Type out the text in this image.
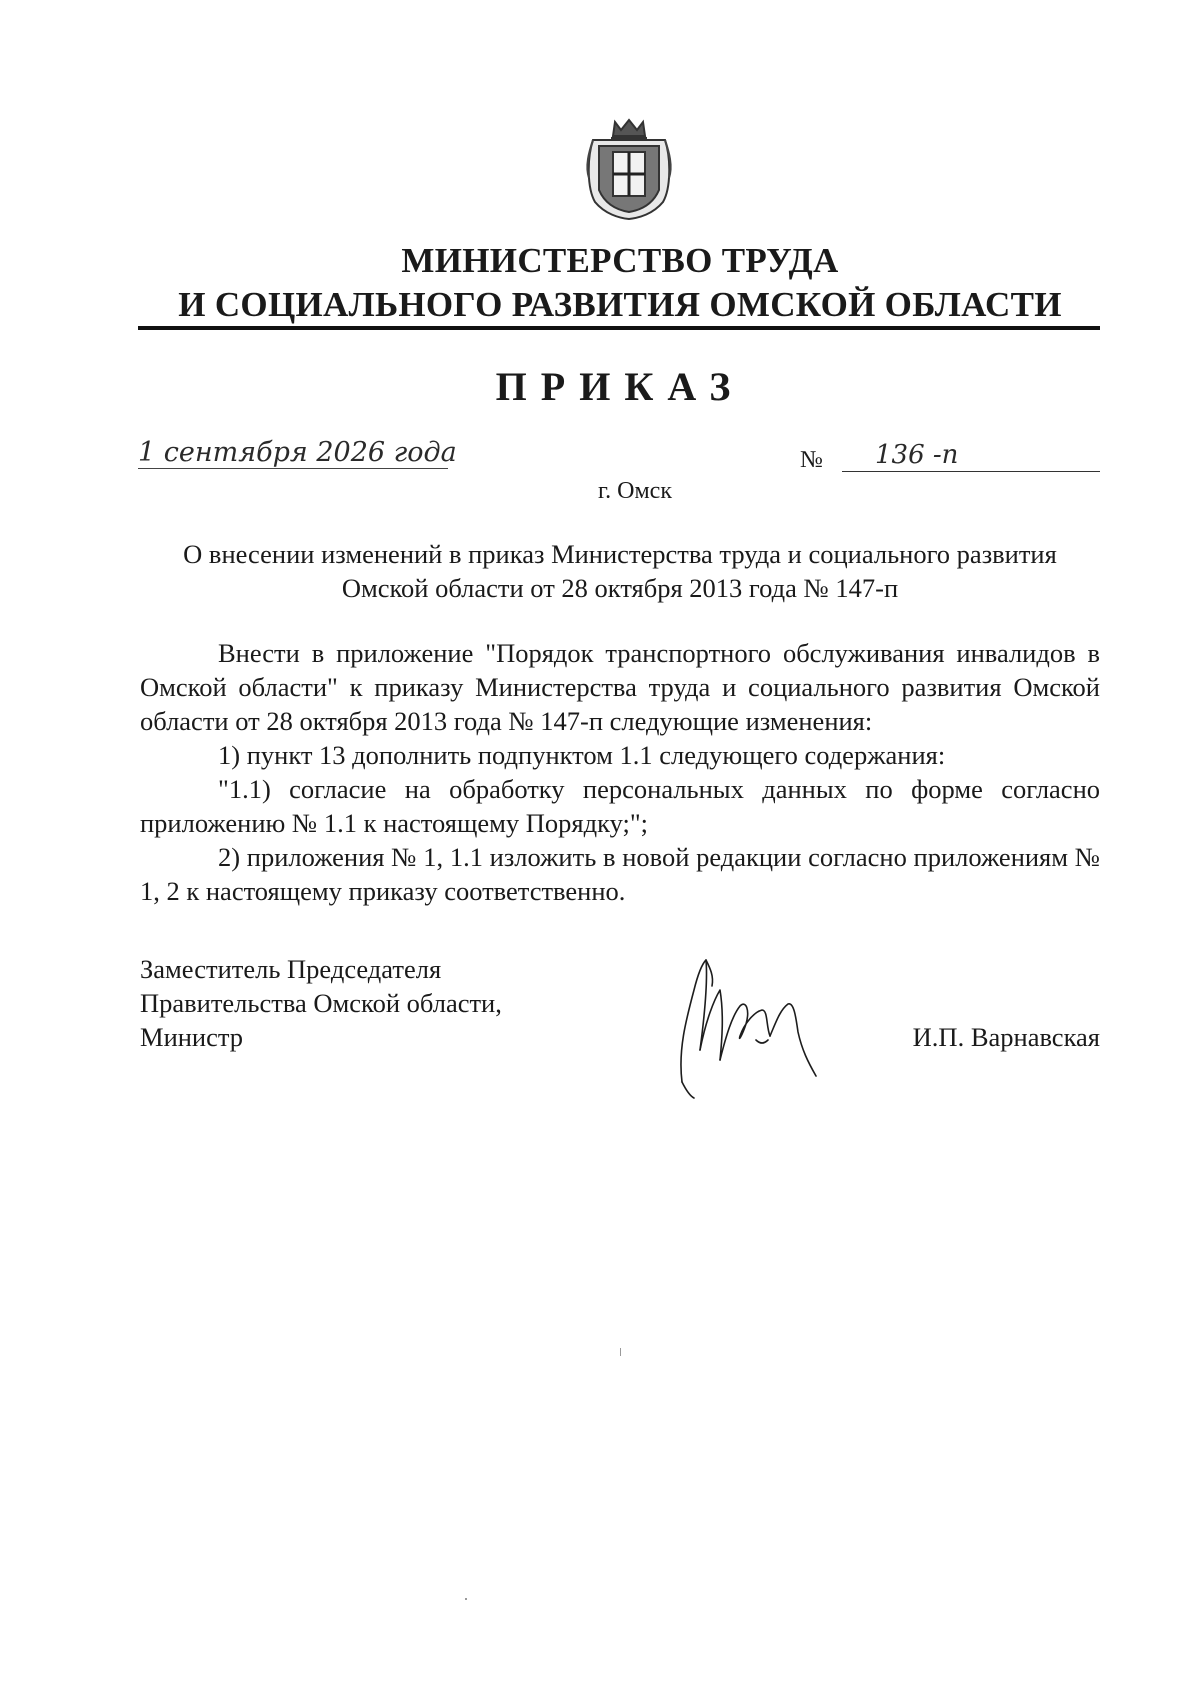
МИНИСТЕРСТВО ТРУДА
И СОЦИАЛЬНОГО РАЗВИТИЯ ОМСКОЙ ОБЛАСТИ
ПРИКАЗ
1 сентября 2026 года	№ 136 -п
г. Омск
О внесении изменений в приказ Министерства труда и социального развития
Омской области от 28 октября 2013 года № 147-п

Внести в приложение "Порядок транспортного обслуживания инвалидов в Омской области" к приказу Министерства труда и социального развития Омской области от 28 октября 2013 года № 147-п следующие изменения:

1) пункт 13 дополнить подпунктом 1.1 следующего содержания:

"1.1) согласие на обработку персональных данных по форме согласно приложению № 1.1 к настоящему Порядку;";

2) приложения № 1, 1.1 изложить в новой редакции согласно приложениям № 1, 2 к настоящему приказу соответственно.

Заместитель Председателя
Правительства Омской области,
Министр	И.П. Варнавская
